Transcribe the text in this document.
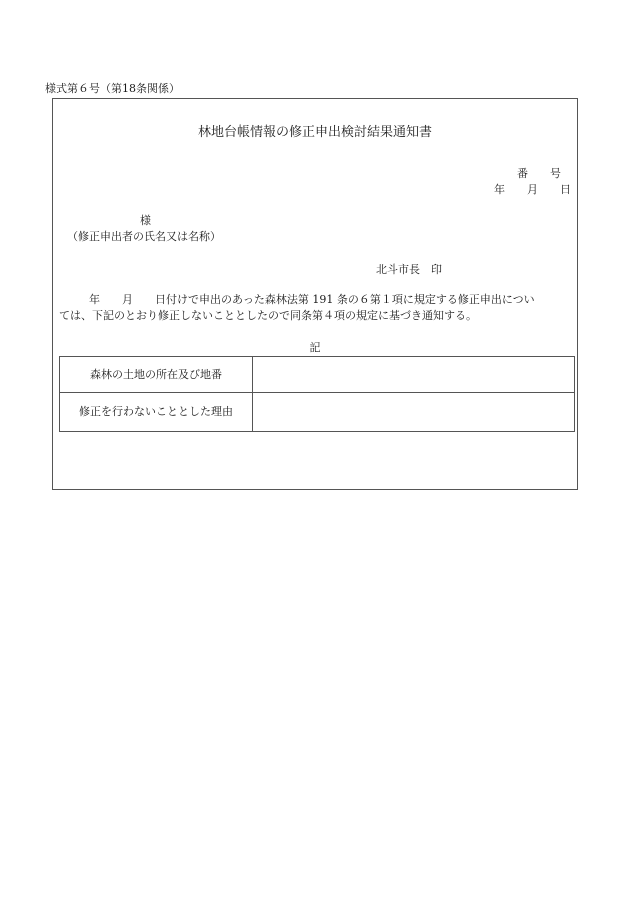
様式第６号（第18条関係）
林地台帳情報の修正申出検討結果通知書
番　　号
年　　月　　日
様
（修正申出者の氏名又は名称）
北斗市長　印
年　　月　　日付けで申出のあった森林法第 191 条の６第１項に規定する修正申出につい
ては、下記のとおり修正しないこととしたので同条第４項の規定に基づき通知する。
記
森林の土地の所在及び地番	
修正を行わないこととした理由	
